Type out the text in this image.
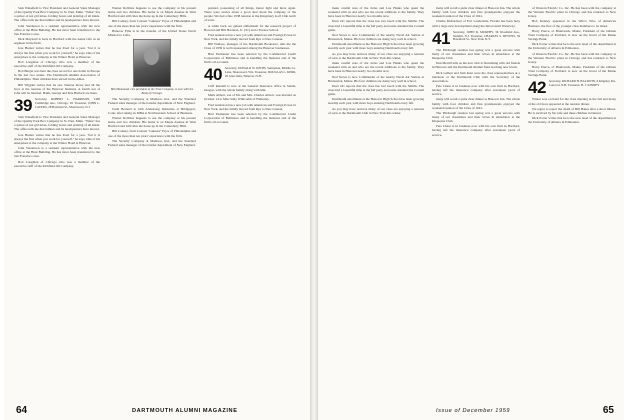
Sam Wakefield is Vice President and General Sales Manager of the Quality Park Box Company in St. Paul, Minn. "Wake" has a quiver of ten girl tubes, folding boxes and printing of all kinds. The office tells me that lumber and its headquarters have moved.

John Sanderson is a resident representative with the new office at the Hunt Building. He has since been transferred to the San Francisco area.

Dick Maynard is back in Hartford with the Aetna Life as an engineer in the field.

Jere Hunter writes that he has lived for a year. "but it is always the first when you work for yourself," he says. One of his enterprises is the company at the Winter Hotel at Hanover.

Bob Longman of Chicago who was a member of the executive staff of the Richfield Oil Company.

Bob Burger was here the class record for one dollar in Europe in the last two weeks. The Dartmouth Alumni Association of Philadelphia. Their children have served in the Allies.

Bill Wiggins writes that he saw Stanton Rowe and all the boys at the reunion of the Hanover business. A fourth son of John will be married. Hank, George and Pete Bullock are there.

39 Secretary, ROBERT L. HARRISON, 1400 Cambridge Ave., Chicago, Ill. Treasurer, JOHN L. CAVERS, 28 Haviland St., Morristown, N.J.

Sam Wakefield is Vice President and General Sales Manager of the Quality Park Box Company in St. Paul, Minn. "Wake" has a quiver of ten girl tubes, folding boxes and printing of all kinds. The office tells me that lumber and its headquarters have moved.

Jere Hunter writes that he has lived for a year. "but it is always the first when you work for yourself," he says. One of his enterprises is the company at the Winter Hotel at Hanover.

John Sanderson is a resident representative with the new office at the Hunt Building. He has since been transferred to the San Francisco area.

Bob Longman of Chicago who was a member of the executive staff of the Richfield Oil Company.

Warner Robbins happens to see the company at his present home and two children. His home is on Maple Avenue in West Hartford and still rides the horse up in the Canterbury Hills.

Bill Conkey, from Colonel "Guiness" Pryor of Philadelphia and one of the more than ten years' experience with the firm.

Hanover Ellis is in the transfer of the United States Naval Mission to Cuba.

Bob Hammond, vice president of the Trust Company, is now with the Bank of Chicago.

The Security Company at Madison, Ind., and the Standard Federal sales manager of the transfer department of New England.

Clem Bernard is with Armstrong Industries at Bridgeport, Conn. after taking an MBA at Northwestern School of Business.

Warner Robbins happens to see the company at his present home and two children. His home is on Maple Avenue in West Hartford and still rides the horse up in the Canterbury Hills.

Bill Conkey, from Colonel "Guiness" Pryor of Philadelphia and one of the more than ten years' experience with the firm.

The Security Company at Madison, Ind., and the Standard Federal sales manager of the transfer department of New England.

pointed, possessing of all things, hence light and there again. There were stories about a good deal about the company of the people. We had a fine 1938 reunion at the Kingsbury Golf Club north of town.

A while back we gained enthusiasm for the research project of Howard and Bill Harrison, Jr. ('41) and a Trustee School.

Fred Anderson has a new job with American and Foreign Power in New York, and the family moved from Rye to New Canaan.

Bill Wallace, manager of the Dartmouth Bookstore, tells me the Class of 1939 is well represented among the Hanover businesses.

Burt Parmenter has been selected by the Commercial Credit Corporation of Baltimore and is handling the business end of the firm's oil accounts.

40 Secretary, DONALD W. KEITH, Sunnyside, Middle Co. Lane, Shorewood, Wis. Treasurer, DOUGLAS L. KERR, 20 Glen Oaks, Hanover, N.H.

Cliff Randall is now at the General Insurance office in Salem, Oregon, with the whole family along with him.

Mark Abbott, son of Mr. and Mrs. Charles Abbott, was married on October 14 to Miss Sally Whitcomb of Wellesley.

Fred Anderson has a new job with American and Foreign Power in New York, and the family moved from Rye to New Canaan.

Burt Parmenter has been selected by the Commercial Credit Corporation of Baltimore and is handling the business end of the firm's oil accounts.

64	DARTMOUTH ALUMNI MAGAZINE

make careful note of the Jacks and Lou Hanks who spent the weekend with us and who are the recent additions to the family. They have been in Hanover nearly two months now.

Dave Orr reports that the class has lost touch with the Smiths. The class had a bountiful time at the fall party and some attended the Cornell game.

Ned Stowe is now Commander of the nearby Naval Air Station at Brunswick, Maine. His four children are doing very well in school.

Dartmouth enrollment at the Hanover High School has been growing steadily each year with more boys entering Dartmouth every fall.

As you may have noticed, many of our class are enjoying a reunion of sorts at the Dartmouth Club in New York this winter.

make careful note of the Jacks and Lou Hanks who spent the weekend with us and who are the recent additions to the family. They have been in Hanover nearly two months now.

Ned Stowe is now Commander of the nearby Naval Air Station at Brunswick, Maine. His four children are doing very well in school.

Dave Orr reports that the class has lost touch with the Smiths. The class had a bountiful time at the fall party and some attended the Cornell game.

Dartmouth enrollment at the Hanover High School has been growing steadily each year with more boys entering Dartmouth every fall.

As you may have noticed, many of our class are enjoying a reunion of sorts at the Dartmouth Club in New York this winter.

many will recall a quite clear dinner at Hanover Inn. The whole family with four children and fine grandparents enjoyed the weekend reunion of the Class of 1941.

Charlie Richardson of Fort Lauderdale, Florida has been busy with a large new development along the Intracoastal Waterway.

41 Secretary, JOHN R. MURPHY, 36 Woodland Ave., Summit, N.J. Treasurer, CHARLES S. DEVENS, 59 Hawthorn St., New York, N.Y.

The Pittsburgh reunion last spring was a great success with many of our classmates and their wives in attendance at the Duquesne Club.

Dan Merrill tells us the new club is flourishing with old friends in Hanover and the Dartmouth Alumni fund reaching new levels.

Dick Gilbert and Sam Kent were the class representatives at a luncheon at the Dartmouth Club with the Secretary of the Association.

Pete Chase is in business now with his own firm in Hartford, having left the insurance company after seventeen years of service.

many will recall a quite clear dinner at Hanover Inn. The whole family with four children and fine grandparents enjoyed the weekend reunion of the Class of 1941.

The Pittsburgh reunion last spring was a great success with many of our classmates and their wives in attendance at the Duquesne Club.

Pete Chase is in business now with his own firm in Hartford, having left the insurance company after seventeen years of service.

of Western Electric Co. Inc. He has been with the company at the Western Electric plant in Chicago and has returned to New Jersey.

Bob Kenney appeared in the Who's Who of American Business, the first of the younger class members to be listed.

Harry Pierce, of Brunswick, Maine, President of the Gilman Trust Company of Portland, is now on the board of the Maine Savings Bank.

Dick Porter writes that he is the new head of the department at the University of Alberta in Edmonton.

of Western Electric Co. Inc. He has been with the company at the Western Electric plant in Chicago and has returned to New Jersey.

Harry Pierce, of Brunswick, Maine, President of the Gilman Trust Company of Portland, is now on the board of the Maine Savings Bank.

42 Secretary, RICHARD H. BALDWIN, 6 Kingsley Rd., Concord, N.H. Treasurer, H. J. KINNEY

Winter was on hand for the class meeting in the fall and many of the old faces appeared at the reunion dinner.

We regret to report the death of Bill Hanes after a short illness. He is survived by his wife and three children in Denver.

Dick Porter writes that he is the new head of the department at the University of Alberta in Edmonton.

Issue of December 1959	65
